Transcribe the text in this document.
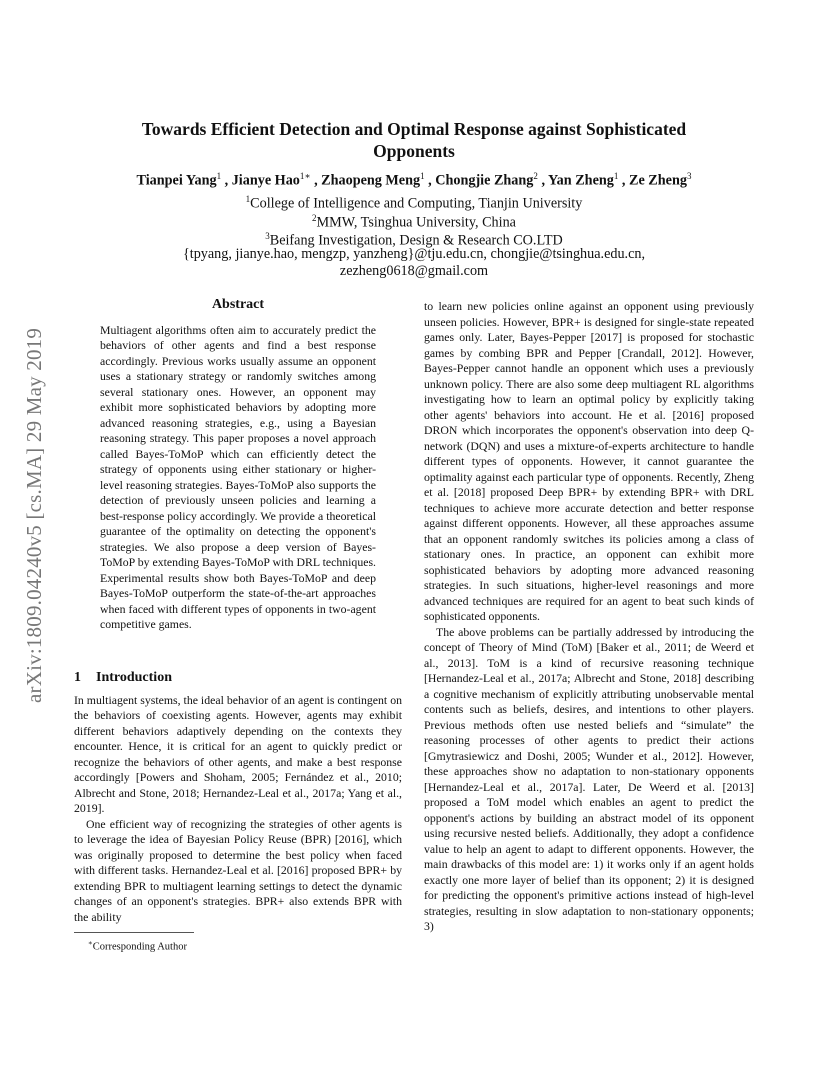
arXiv:1809.04240v5 [cs.MA] 29 May 2019
Towards Efficient Detection and Optimal Response against Sophisticated
Opponents
Tianpei Yang$^1$ , Jianye Hao$^{1∗}$ , Zhaopeng Meng$^1$ , Chongjie Zhang$^2$ , Yan Zheng$^1$ , Ze Zheng$^3$
$^1$College of Intelligence and Computing, Tianjin University
$^2$MMW, Tsinghua University, China
$^3$Beifang Investigation, Design & Research CO.LTD
{tpyang, jianye.hao, mengzp, yanzheng}@tju.edu.cn, chongjie@tsinghua.edu.cn,
zezheng0618@gmail.com
Abstract

Multiagent algorithms often aim to accurately predict the behaviors of other agents and find a best response accordingly. Previous works usually assume an opponent uses a stationary strategy or randomly switches among several stationary ones. However, an opponent may exhibit more sophisticated behaviors by adopting more advanced reasoning strategies, e.g., using a Bayesian reasoning strategy. This paper proposes a novel approach called Bayes-ToMoP which can efficiently detect the strategy of opponents using either stationary or higher-level reasoning strategies. Bayes-ToMoP also supports the detection of previously unseen policies and learning a best-response policy accordingly. We provide a theoretical guarantee of the optimality on detecting the opponent's strategies. We also propose a deep version of Bayes-ToMoP by extending Bayes-ToMoP with DRL techniques. Experimental results show both Bayes-ToMoP and deep Bayes-ToMoP outperform the state-of-the-art approaches when faced with different types of opponents in two-agent competitive games.

1 Introduction

In multiagent systems, the ideal behavior of an agent is contingent on the behaviors of coexisting agents. However, agents may exhibit different behaviors adaptively depending on the contexts they encounter. Hence, it is critical for an agent to quickly predict or recognize the behaviors of other agents, and make a best response accordingly [Powers and Shoham, 2005; Fernández et al., 2010; Albrecht and Stone, 2018; Hernandez-Leal et al., 2017a; Yang et al., 2019].

One efficient way of recognizing the strategies of other agents is to leverage the idea of Bayesian Policy Reuse (BPR) [2016], which was originally proposed to determine the best policy when faced with different tasks. Hernandez-Leal et al. [2016] proposed BPR+ by extending BPR to multiagent learning settings to detect the dynamic changes of an opponent's strategies. BPR+ also extends BPR with the ability

∗Corresponding Author

to learn new policies online against an opponent using previously unseen policies. However, BPR+ is designed for single-state repeated games only. Later, Bayes-Pepper [2017] is proposed for stochastic games by combing BPR and Pepper [Crandall, 2012]. However, Bayes-Pepper cannot handle an opponent which uses a previously unknown policy. There are also some deep multiagent RL algorithms investigating how to learn an optimal policy by explicitly taking other agents' behaviors into account. He et al. [2016] proposed DRON which incorporates the opponent's observation into deep Q-network (DQN) and uses a mixture-of-experts architecture to handle different types of opponents. However, it cannot guarantee the optimality against each particular type of opponents. Recently, Zheng et al. [2018] proposed Deep BPR+ by extending BPR+ with DRL techniques to achieve more accurate detection and better response against different opponents. However, all these approaches assume that an opponent randomly switches its policies among a class of stationary ones. In practice, an opponent can exhibit more sophisticated behaviors by adopting more advanced reasoning strategies. In such situations, higher-level reasonings and more advanced techniques are required for an agent to beat such kinds of sophisticated opponents.

The above problems can be partially addressed by introducing the concept of Theory of Mind (ToM) [Baker et al., 2011; de Weerd et al., 2013]. ToM is a kind of recursive reasoning technique [Hernandez-Leal et al., 2017a; Albrecht and Stone, 2018] describing a cognitive mechanism of explicitly attributing unobservable mental contents such as beliefs, desires, and intentions to other players. Previous methods often use nested beliefs and “simulate” the reasoning processes of other agents to predict their actions [Gmytrasiewicz and Doshi, 2005; Wunder et al., 2012]. However, these approaches show no adaptation to non-stationary opponents [Hernandez-Leal et al., 2017a]. Later, De Weerd et al. [2013] proposed a ToM model which enables an agent to predict the opponent's actions by building an abstract model of its opponent using recursive nested beliefs. Additionally, they adopt a confidence value to help an agent to adapt to different opponents. However, the main drawbacks of this model are: 1) it works only if an agent holds exactly one more layer of belief than its opponent; 2) it is designed for predicting the opponent's primitive actions instead of high-level strategies, resulting in slow adaptation to non-stationary opponents; 3)
